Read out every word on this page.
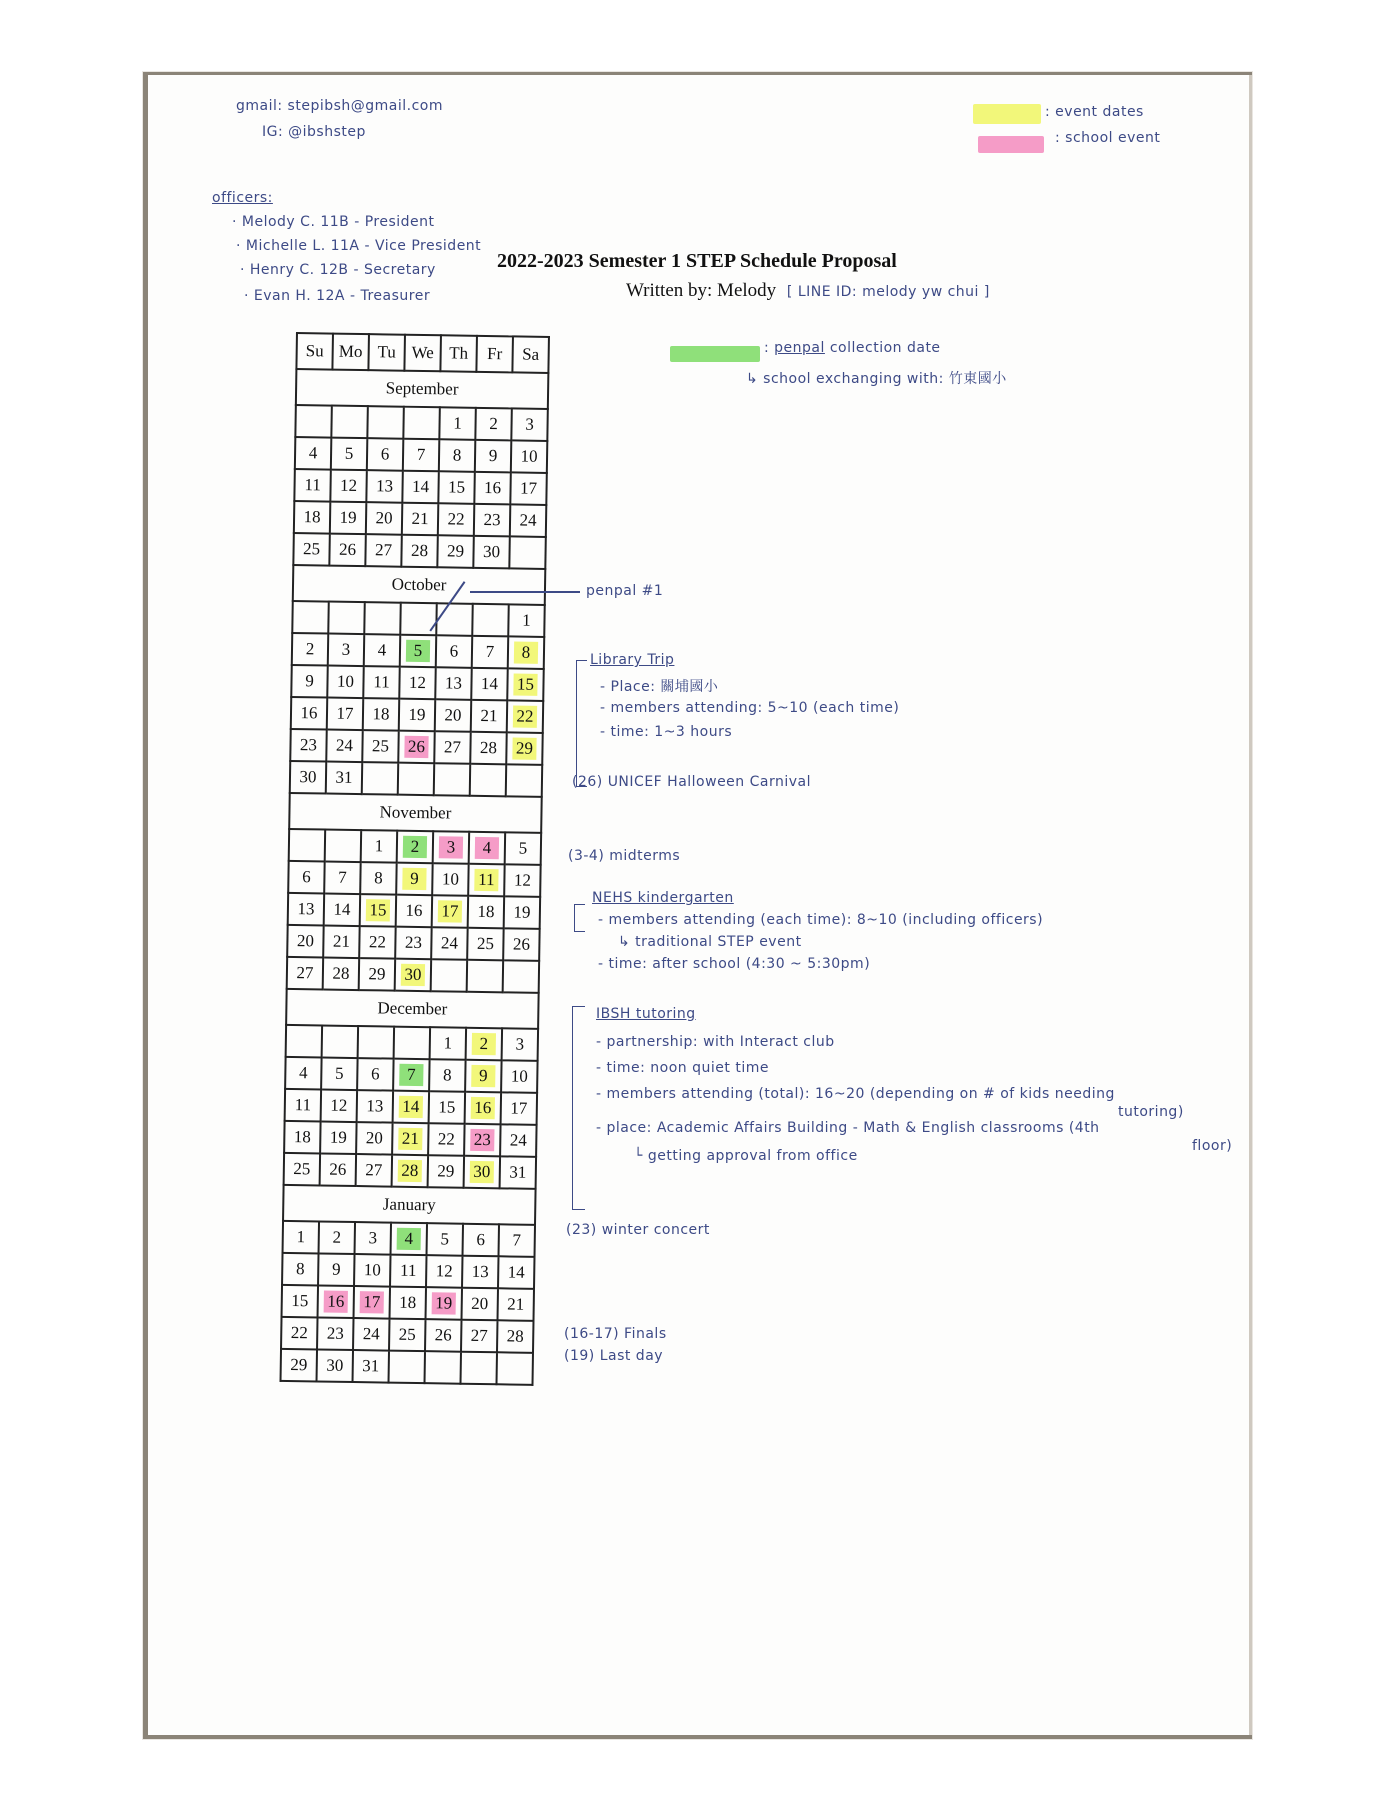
gmail: stepibsh@gmail.com
IG: @ibshstep
: event dates
: school event
officers:
· Melody C. 11B - President
· Michelle L. 11A - Vice President
· Henry C. 12B - Secretary
· Evan H. 12A - Treasurer
2022-2023 Semester 1 STEP Schedule Proposal
Written by: Melody [ LINE ID: melody yw chui ]
: penpal collection date
↳ school exchanging with: 竹東國小
Su	Mo	Tu	We	Th	Fr	Sa
September						
				1	2	3
4	5	6	7	8	9	10
11	12	13	14	15	16	17
18	19	20	21	22	23	24
25	26	27	28	29	30	
October						
						1
2	3	4	5	6	7	8
9	10	11	12	13	14	15
16	17	18	19	20	21	22
23	24	25	26	27	28	29
30	31					
November						
		1	2	3	4	5
6	7	8	9	10	11	12
13	14	15	16	17	18	19
20	21	22	23	24	25	26
27	28	29	30			
December						
				1	2	3
4	5	6	7	8	9	10
11	12	13	14	15	16	17
18	19	20	21	22	23	24
25	26	27	28	29	30	31
January						
1	2	3	4	5	6	7
8	9	10	11	12	13	14
15	16	17	18	19	20	21
22	23	24	25	26	27	28
29	30	31				
penpal #1
Library Trip
- Place: 關埔國小
- members attending: 5~10 (each time)
- time: 1~3 hours
(26) UNICEF Halloween Carnival
(3-4) midterms
NEHS kindergarten
- members attending (each time): 8~10 (including officers)
↳ traditional STEP event
- time: after school (4:30 ~ 5:30pm)
IBSH tutoring
- partnership: with Interact club
- time: noon quiet time
- members attending (total): 16~20 (depending on # of kids needing
tutoring)
- place: Academic Affairs Building - Math & English classrooms (4th
floor)
└ getting approval from office
(23) winter concert
(16-17) Finals
(19) Last day
